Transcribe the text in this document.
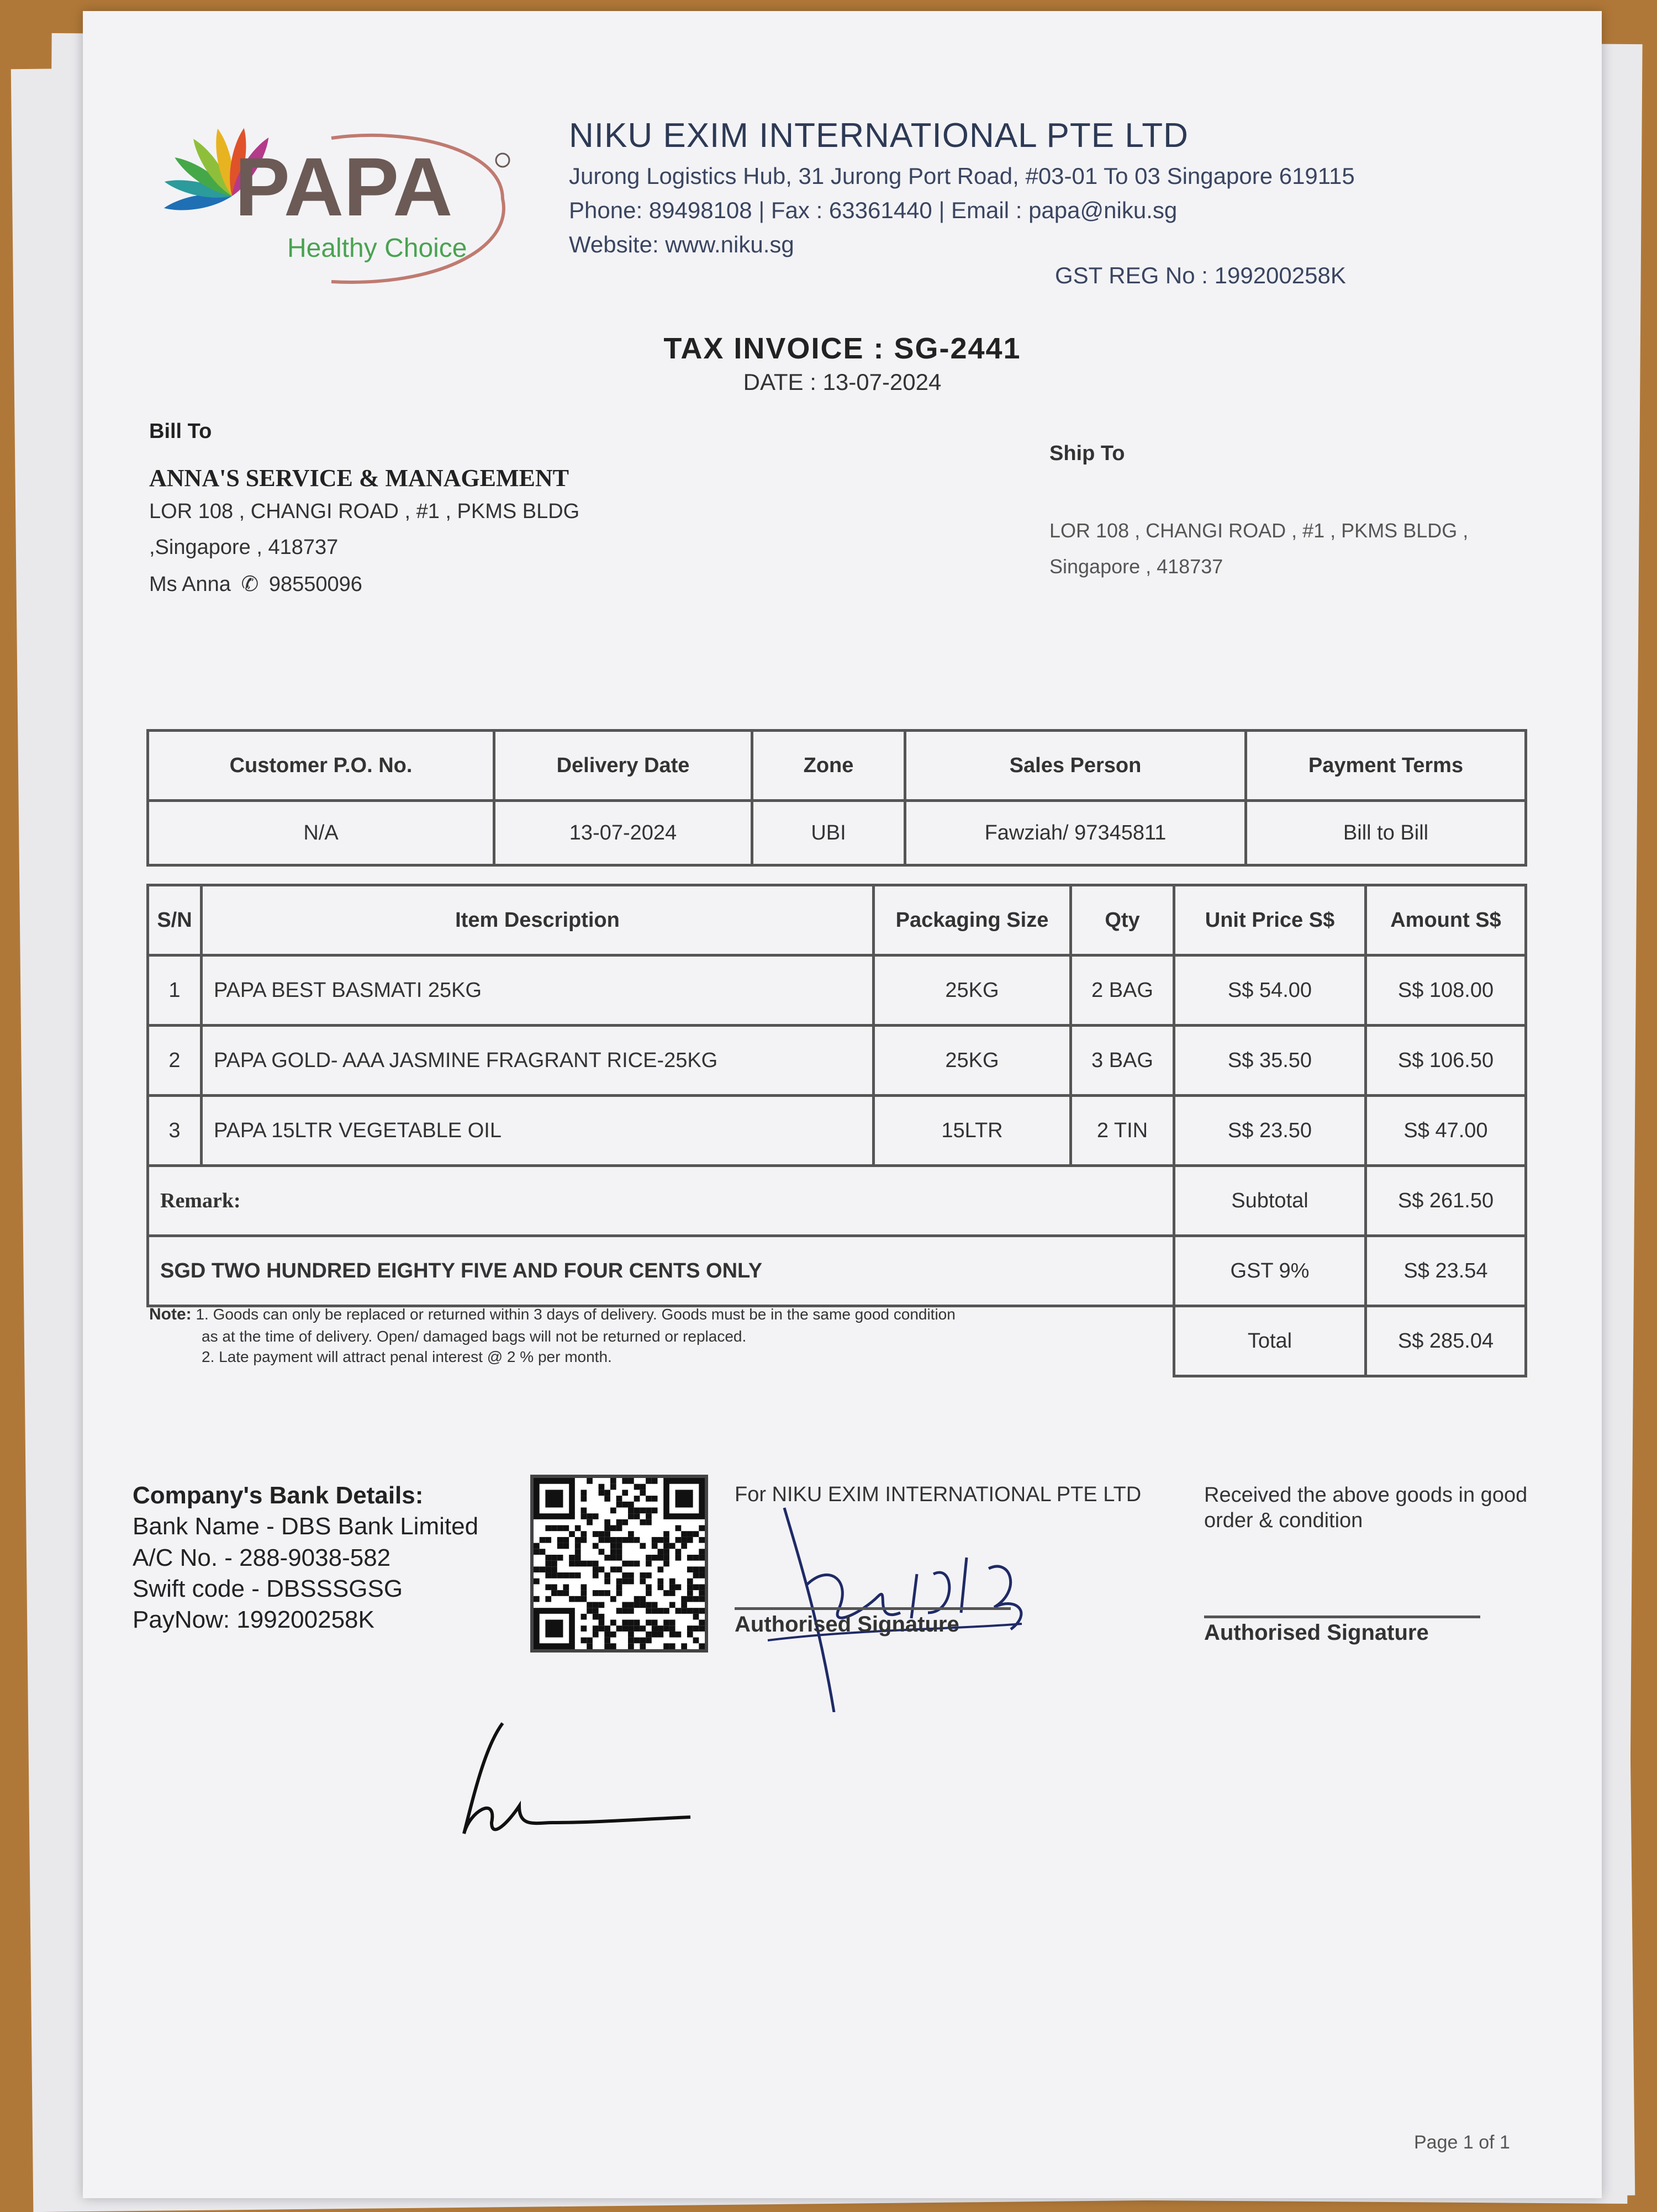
PAPA
Healthy Choice
NIKU EXIM INTERNATIONAL PTE LTD
Jurong Logistics Hub, 31 Jurong Port Road, #03-01 To 03 Singapore 619115
Phone: 89498108 | Fax : 63361440 | Email : papa@niku.sg
Website: www.niku.sg
GST REG No : 199200258K
TAX INVOICE : SG-2441
DATE : 13-07-2024
Bill To
ANNA'S SERVICE & MANAGEMENT
LOR 108 , CHANGI ROAD , #1 , PKMS BLDG
,Singapore , 418737
Ms Anna ✆ 98550096
Ship To
LOR 108 , CHANGI ROAD , #1 , PKMS BLDG ,
Singapore , 418737
Customer P.O. No.	Delivery Date	Zone	Sales Person	Payment Terms
N/A	13-07-2024	UBI	Fawziah/ 97345811	Bill to Bill
S/N	Item Description	Packaging Size	Qty	Unit Price S$	Amount S$
1	PAPA BEST BASMATI 25KG	25KG	2 BAG	S$ 54.00	S$ 108.00
2	PAPA GOLD- AAA JASMINE FRAGRANT RICE-25KG	25KG	3 BAG	S$ 35.50	S$ 106.50
3	PAPA 15LTR VEGETABLE OIL	15LTR	2 TIN	S$ 23.50	S$ 47.00
Remark:				Subtotal	S$ 261.50
SGD TWO HUNDRED EIGHTY FIVE AND FOUR CENTS ONLY				GST 9%	S$ 23.54
				Total	S$ 285.04
Note: 1. Goods can only be replaced or returned within 3 days of delivery. Goods must be in the same good condition
as at the time of delivery. Open/ damaged bags will not be returned or replaced.
2. Late payment will attract penal interest @ 2 % per month.
Company's Bank Details:
Bank Name - DBS Bank Limited
A/C No. - 288-9038-582
Swift code - DBSSSGSG
PayNow: 199200258K
For NIKU EXIM INTERNATIONAL PTE LTD
Authorised Signature
Received the above goods in good order & condition
Authorised Signature
Page 1 of 1
